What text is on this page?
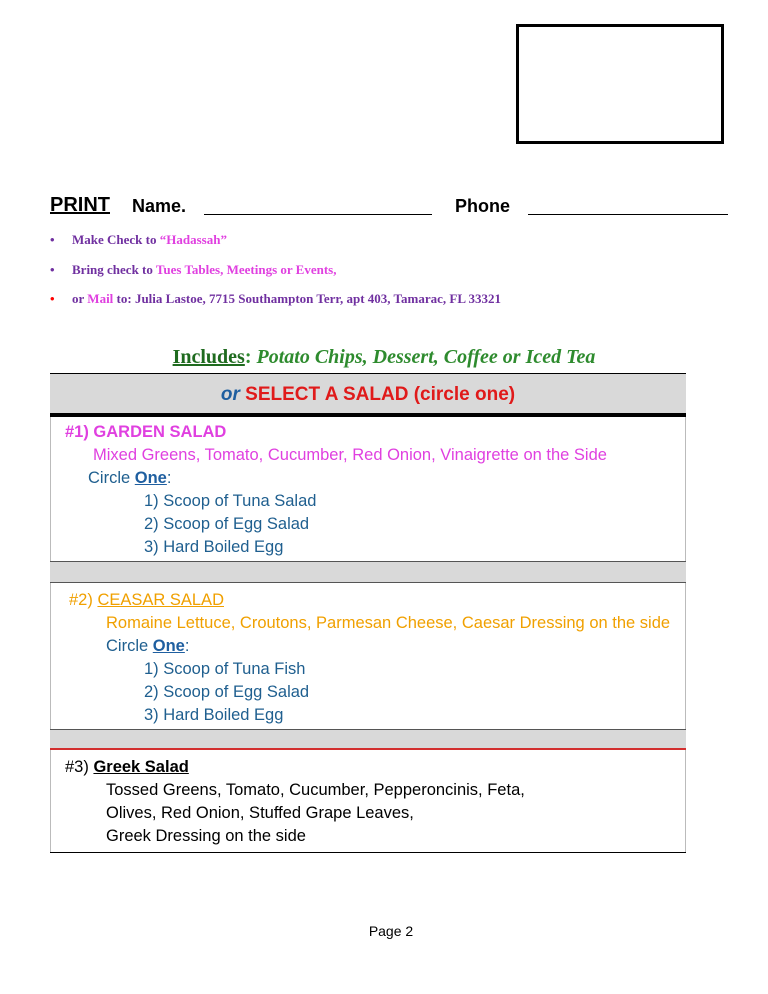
PRINT Name.	Phone
• Make Check to “Hadassah”
• Bring check to Tues Tables, Meetings or Events,
• or Mail to: Julia Lastoe, 7715 Southampton Terr, apt 403, Tamarac, FL 33321
Includes: Potato Chips, Dessert, Coffee or Iced Tea
or SELECT A SALAD (circle one)
#1) GARDEN SALAD
Mixed Greens, Tomato, Cucumber, Red Onion, Vinaigrette on the Side
Circle One:
1) Scoop of Tuna Salad
2) Scoop of Egg Salad
3) Hard Boiled Egg
#2) CEASAR SALAD
Romaine Lettuce, Croutons, Parmesan Cheese, Caesar Dressing on the side
Circle One:
1) Scoop of Tuna Fish
2) Scoop of Egg Salad
3) Hard Boiled Egg
#3) Greek Salad
Tossed Greens, Tomato, Cucumber, Pepperoncinis, Feta,
Olives, Red Onion, Stuffed Grape Leaves,
Greek Dressing on the side
Page 2
